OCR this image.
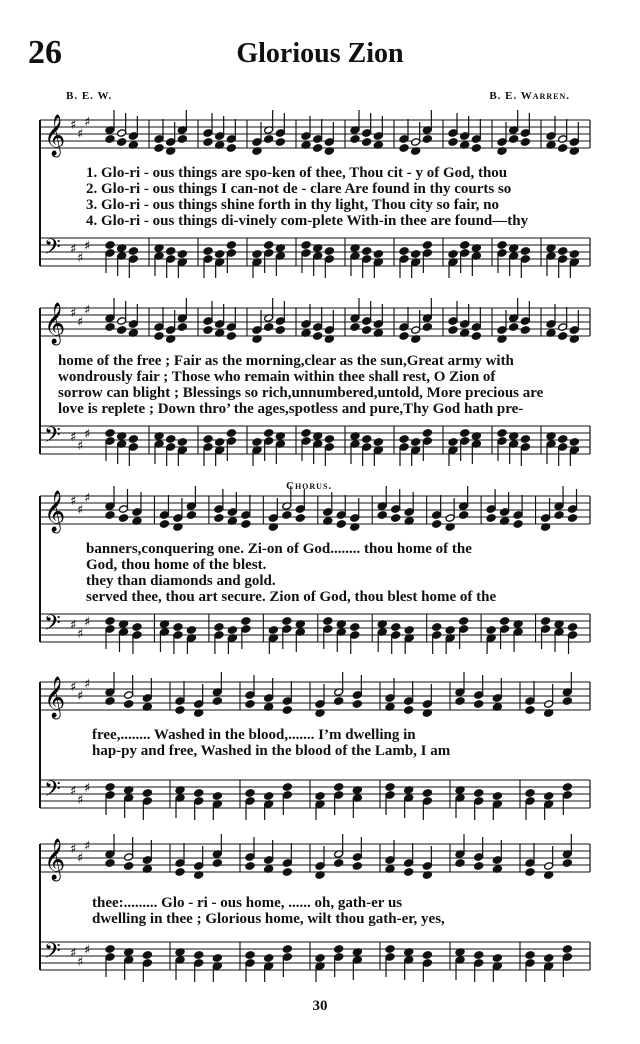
26	Glorious Zion
B. E. W.	B. E. Warren.
𝄞
𝄢
♯
♯
♯
♯
♯
♯
1. Glo-ri - ous things are spo-ken of thee, Thou cit - y of God, thou
2. Glo-ri - ous things I can-not de - clare Are found in thy courts so
3. Glo-ri - ous things shine forth in thy light, Thou city so fair, no
4. Glo-ri - ous things di-vinely com-plete With-in thee are found—thy
𝄞
𝄢
♯
♯
♯
♯
♯
♯
home of the free ; Fair as the morning,clear as the sun,Great army with
wondrously fair ; Those who remain within thee shall rest, O Zion of
sorrow can blight ; Blessings so rich,unnumbered,untold, More precious are
love is replete ; Down thro’ the ages,spotless and pure,Thy God hath pre-
Chorus.
𝄞
𝄢
♯
♯
♯
♯
♯
♯
banners,conquering one. Zi-on of God........ thou home of the
God, thou home of the blest.
they than diamonds and gold.
served thee, thou art secure. Zion of God, thou blest home of the
𝄞
𝄢
♯
♯
♯
♯
♯
♯
free,........ Washed in the blood,....... I’m dwelling in
hap-py and free, Washed in the blood of the Lamb, I am
𝄞
𝄢
♯
♯
♯
♯
♯
♯
thee:......... Glo - ri - ous home, ...... oh, gath-er us
dwelling in thee ; Glorious home, wilt thou gath-er, yes,
30
